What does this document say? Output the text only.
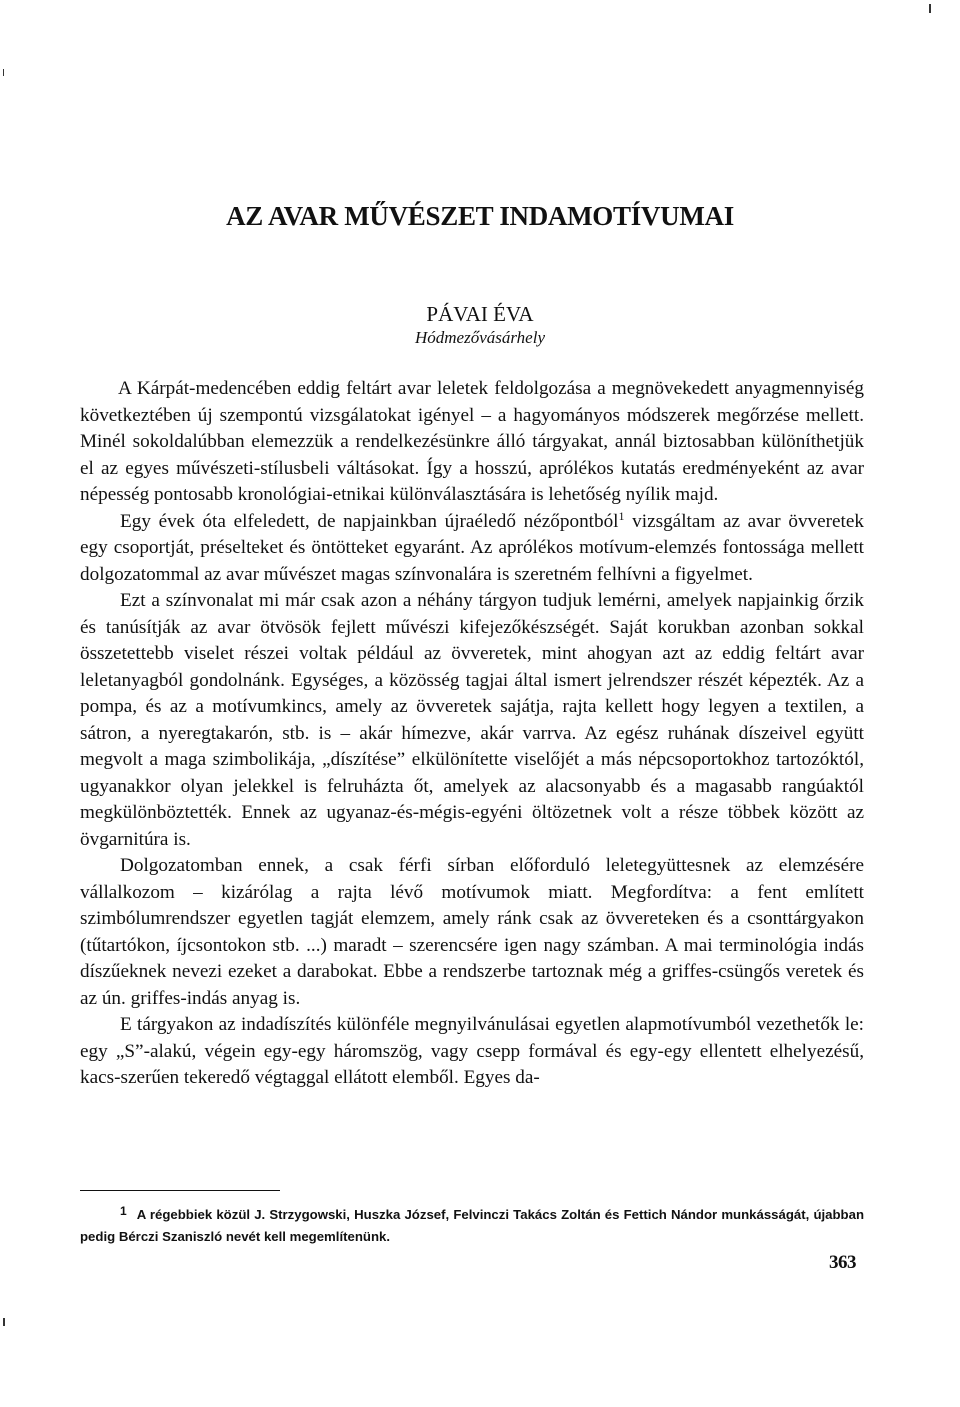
AZ AVAR MŰVÉSZET INDAMOTÍVUMAI
PÁVAI ÉVA
Hódmezővásárhely

A Kárpát-medencében eddig feltárt avar leletek feldolgozása a megnövekedett anyagmennyiség következtében új szempontú vizsgálatokat igényel – a hagyományos módszerek megőrzése mellett. Minél sokoldalúbban elemezzük a rendelkezésünkre álló tárgyakat, annál biztosabban különíthetjük el az egyes művészeti-stílusbeli váltásokat. Így a hosszú, aprólékos kutatás eredményeként az avar népesség pontosabb kronológiai-etnikai különválasztására is lehetőség nyílik majd.

Egy évek óta elfeledett, de napjainkban újraéledő nézőpontból$^1$ vizsgáltam az avar övveretek egy csoportját, préselteket és öntötteket egyaránt. Az aprólékos motívum-elemzés fontossága mellett dolgozatommal az avar művészet magas színvonalára is szeretném felhívni a figyelmet.

Ezt a színvonalat mi már csak azon a néhány tárgyon tudjuk lemérni, amelyek napjainkig őrzik és tanúsítják az avar ötvösök fejlett művészi kifejezőkészségét. Saját korukban azonban sokkal összetettebb viselet részei voltak például az övveretek, mint ahogyan azt az eddig feltárt avar leletanyagból gondolnánk. Egységes, a közösség tagjai által ismert jelrendszer részét képezték. Az a pompa, és az a motívumkincs, amely az övveretek sajátja, rajta kellett hogy legyen a textilen, a sátron, a nyeregtakarón, stb. is – akár hímezve, akár varrva. Az egész ruhának díszeivel együtt megvolt a maga szimbolikája, „díszítése” elkülönítette viselőjét a más népcsoportokhoz tartozóktól, ugyanakkor olyan jelekkel is felruházta őt, amelyek az alacsonyabb és a magasabb rangúaktól megkülönböztették. Ennek az ugyanaz-és-mégis-egyéni öltözetnek volt a része többek között az övgarnitúra is.

Dolgozatomban ennek, a csak férfi sírban előforduló leletegyüttesnek az elemzésére vállalkozom – kizárólag a rajta lévő motívumok miatt. Megfordítva: a fent említett szimbólumrendszer egyetlen tagját elemzem, amely ránk csak az övvereteken és a csonttárgyakon (tűtartókon, íjcsontokon stb. ...) maradt – szerencsére igen nagy számban. A mai terminológia indás díszűeknek nevezi ezeket a darabokat. Ebbe a rendszerbe tartoznak még a griffes-csüngős veretek és az ún. griffes-indás anyag is.

E tárgyakon az indadíszítés különféle megnyilvánulásai egyetlen alapmotívumból vezethetők le: egy „S”-alakú, végein egy-egy háromszög, vagy csepp formával és egy-egy ellentett elhelyezésű, kacs-szerűen tekeredő végtaggal ellátott elemből. Egyes da-

1 A régebbiek közül J. Strzygowski, Huszka József, Felvinczi Takács Zoltán és Fettich Nándor munkásságát, újabban pedig Bérczi Szaniszló nevét kell megemlítenünk.

363
